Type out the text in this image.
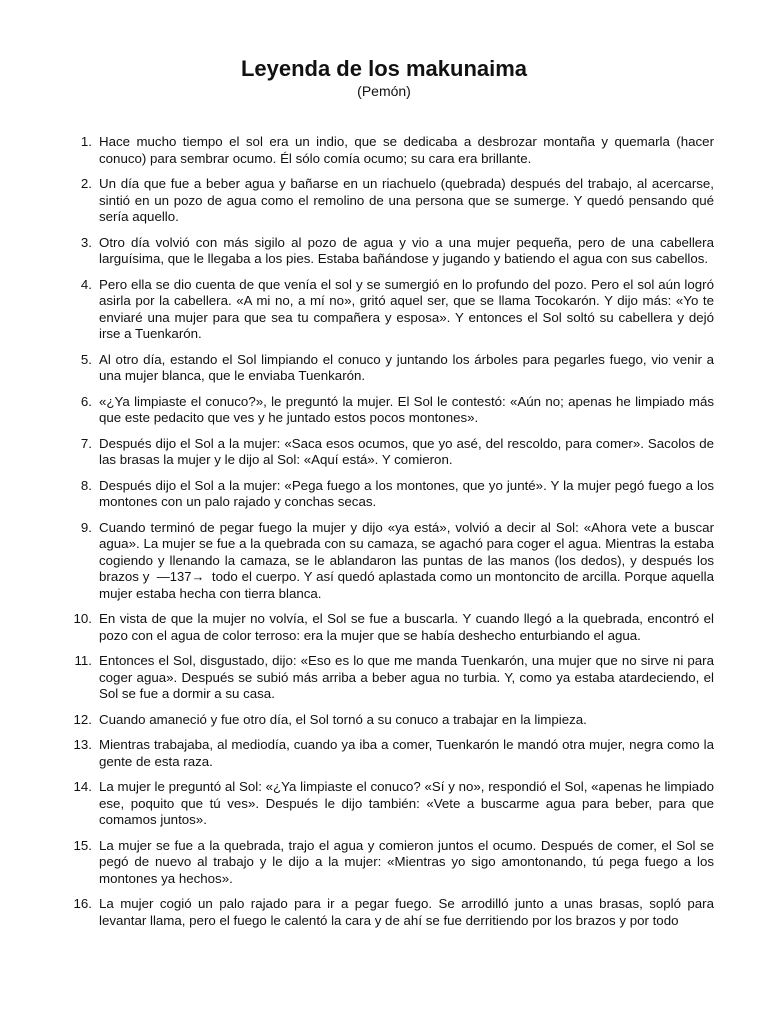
Leyenda de los makunaima
(Pemón)
1. Hace mucho tiempo el sol era un indio, que se dedicaba a desbrozar montaña y quemarla (hacer conuco) para sembrar ocumo. Él sólo comía ocumo; su cara era brillante.
2. Un día que fue a beber agua y bañarse en un riachuelo (quebrada) después del trabajo, al acercarse, sintió en un pozo de agua como el remolino de una persona que se sumerge. Y quedó pensando qué sería aquello.
3. Otro día volvió con más sigilo al pozo de agua y vio a una mujer pequeña, pero de una cabellera larguísima, que le llegaba a los pies. Estaba bañándose y jugando y batiendo el agua con sus cabellos.
4. Pero ella se dio cuenta de que venía el sol y se sumergió en lo profundo del pozo. Pero el sol aún logró asirla por la cabellera. «A mi no, a mí no», gritó aquel ser, que se llama Tocokarón. Y dijo más: «Yo te enviaré una mujer para que sea tu compañera y esposa». Y entonces el Sol soltó su cabellera y dejó irse a Tuenkarón.
5. Al otro día, estando el Sol limpiando el conuco y juntando los árboles para pegarles fuego, vio venir a una mujer blanca, que le enviaba Tuenkarón.
6. «¿Ya limpiaste el conuco?», le preguntó la mujer. El Sol le contestó: «Aún no; apenas he limpiado más que este pedacito que ves y he juntado estos pocos montones».
7. Después dijo el Sol a la mujer: «Saca esos ocumos, que yo asé, del rescoldo, para comer». Sacolos de las brasas la mujer y le dijo al Sol: «Aquí está». Y comieron.
8. Después dijo el Sol a la mujer: «Pega fuego a los montones, que yo junté». Y la mujer pegó fuego a los montones con un palo rajado y conchas secas.
9. Cuando terminó de pegar fuego la mujer y dijo «ya está», volvió a decir al Sol: «Ahora vete a buscar agua». La mujer se fue a la quebrada con su camaza, se agachó para coger el agua. Mientras la estaba cogiendo y llenando la camaza, se le ablandaron las puntas de las manos (los dedos), y después los brazos y  —137→  todo el cuerpo. Y así quedó aplastada como un montoncito de arcilla. Porque aquella mujer estaba hecha con tierra blanca.
10. En vista de que la mujer no volvía, el Sol se fue a buscarla. Y cuando llegó a la quebrada, encontró el pozo con el agua de color terroso: era la mujer que se había deshecho enturbiando el agua.
11. Entonces el Sol, disgustado, dijo: «Eso es lo que me manda Tuenkarón, una mujer que no sirve ni para coger agua». Después se subió más arriba a beber agua no turbia. Y, como ya estaba atardeciendo, el Sol se fue a dormir a su casa.
12. Cuando amaneció y fue otro día, el Sol tornó a su conuco a trabajar en la limpieza.
13. Mientras trabajaba, al mediodía, cuando ya iba a comer, Tuenkarón le mandó otra mujer, negra como la gente de esta raza.
14. La mujer le preguntó al Sol: «¿Ya limpiaste el conuco? «Sí y no», respondió el Sol, «apenas he limpiado ese, poquito que tú ves». Después le dijo también: «Vete a buscarme agua para beber, para que comamos juntos».
15. La mujer se fue a la quebrada, trajo el agua y comieron juntos el ocumo. Después de comer, el Sol se pegó de nuevo al trabajo y le dijo a la mujer: «Mientras yo sigo amontonando, tú pega fuego a los montones ya hechos».
16. La mujer cogió un palo rajado para ir a pegar fuego. Se arrodilló junto a unas brasas, sopló para levantar llama, pero el fuego le calentó la cara y de ahí se fue derritiendo por los brazos y por todo
